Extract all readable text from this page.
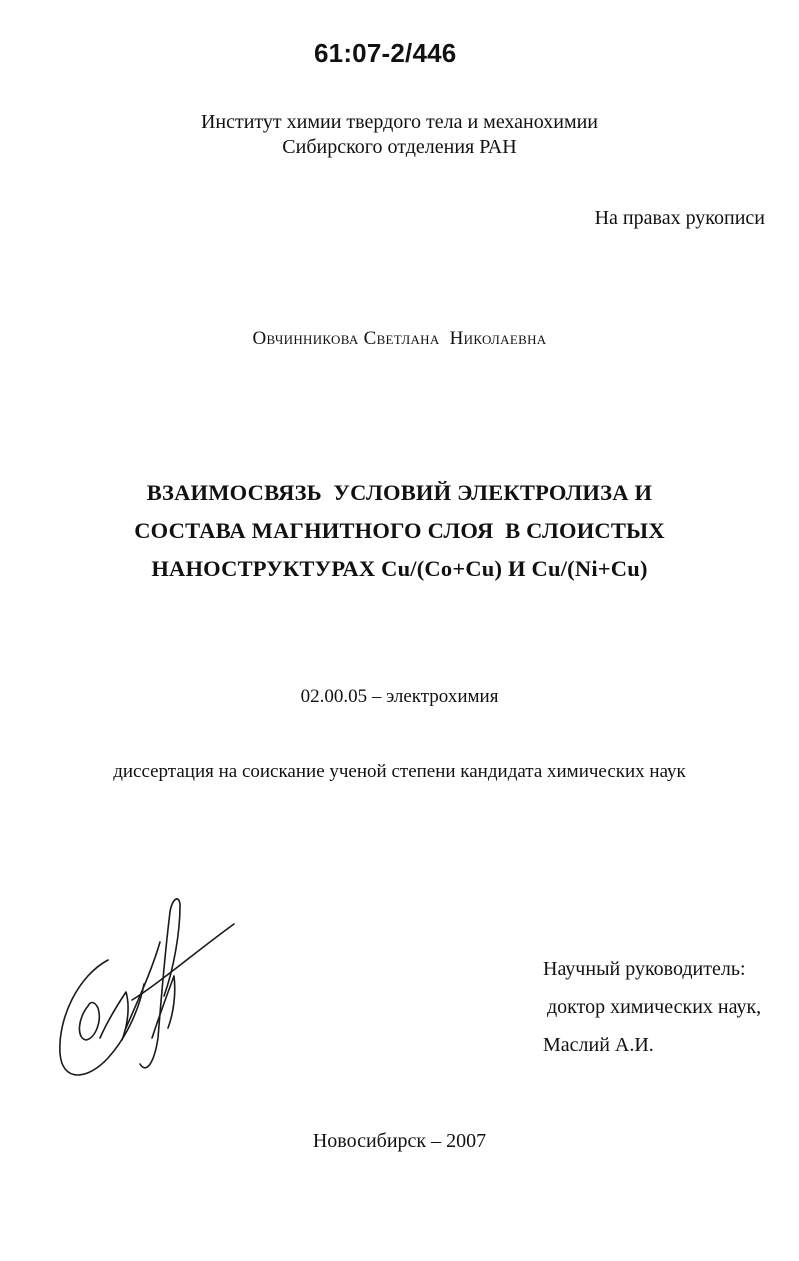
61:07-2/446
Институт химии твердого тела и механохимии
Сибирского отделения РАН
На правах рукописи
Овчинникова Светлана  Николаевна
ВЗАИМОСВЯЗЬ  УСЛОВИЙ ЭЛЕКТРОЛИЗА И
СОСТАВА МАГНИТНОГО СЛОЯ  В СЛОИСТЫХ
НАНОСТРУКТУРАХ Cu/(Co+Cu) И Cu/(Ni+Cu)
02.00.05 – электрохимия
диссертация на соискание ученой степени кандидата химических наук
Научный руководитель:
доктор химических наук,
Маслий А.И.
Новосибирск – 2007
